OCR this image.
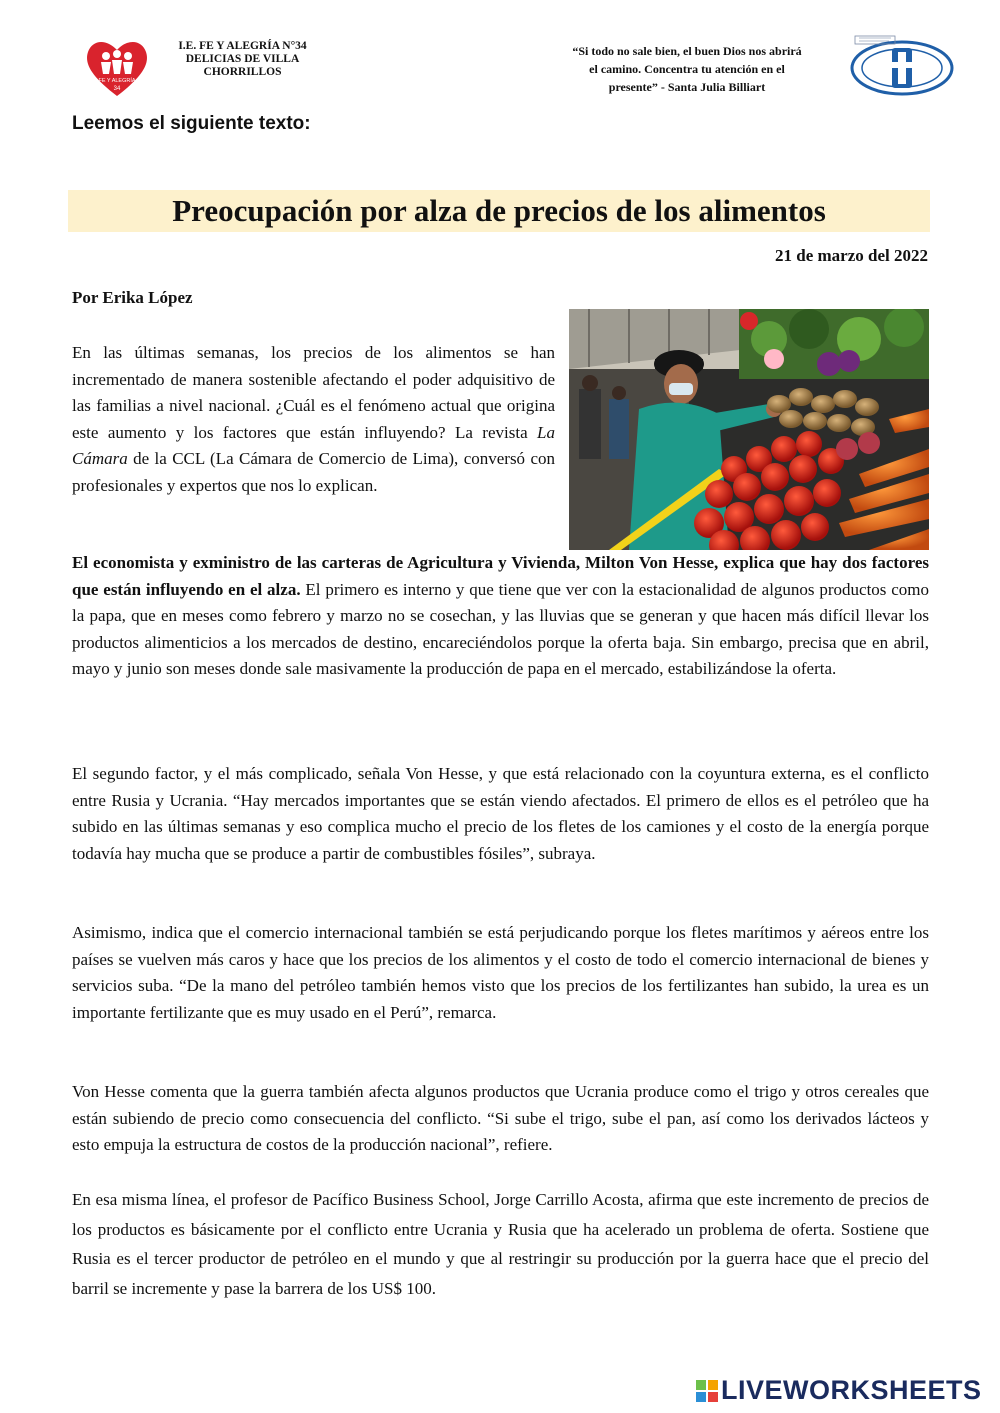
FE Y ALEGRÍA
34
I.E. FE Y ALEGRÍA N°34
DELICIAS DE VILLA
CHORRILLOS
“Si todo no sale bien, el buen Dios nos abrirá
el camino. Concentra tu atención en el
presente” - Santa Julia Billiart
Leemos el siguiente texto:
Preocupación por alza de precios de los alimentos
21 de marzo del 2022
Por Erika López

En las últimas semanas, los precios de los alimentos se han incrementado de manera sostenible afectando el poder adquisitivo de las familias a nivel nacional. ¿Cuál es el fenómeno actual que origina este aumento y los factores que están influyendo? La revista La Cámara de la CCL (La Cámara de Comercio de Lima), conversó con profesionales y expertos que nos lo explican.

El economista y exministro de las carteras de Agricultura y Vivienda, Milton Von Hesse, explica que hay dos factores que están influyendo en el alza. El primero es interno y que tiene que ver con la estacionalidad de algunos productos como la papa, que en meses como febrero y marzo no se cosechan, y las lluvias que se generan y que hacen más difícil llevar los productos alimenticios a los mercados de destino, encareciéndolos porque la oferta baja. Sin embargo, precisa que en abril, mayo y junio son meses donde sale masivamente la producción de papa en el mercado, estabilizándose la oferta.

El segundo factor, y el más complicado, señala Von Hesse, y que está relacionado con la coyuntura externa, es el conflicto entre Rusia y Ucrania. “Hay mercados importantes que se están viendo afectados. El primero de ellos es el petróleo que ha subido en las últimas semanas y eso complica mucho el precio de los fletes de los camiones y el costo de la energía porque todavía hay mucha que se produce a partir de combustibles fósiles”, subraya.

Asimismo, indica que el comercio internacional también se está perjudicando porque los fletes marítimos y aéreos entre los países se vuelven más caros y hace que los precios de los alimentos y el costo de todo el comercio internacional de bienes y servicios suba. “De la mano del petróleo también hemos visto que los precios de los fertilizantes han subido, la urea es un importante fertilizante que es muy usado en el Perú”, remarca.

Von Hesse comenta que la guerra también afecta algunos productos que Ucrania produce como el trigo y otros cereales que están subiendo de precio como consecuencia del conflicto. “Si sube el trigo, sube el pan, así como los derivados lácteos y esto empuja la estructura de costos de la producción nacional”, refiere.

En esa misma línea, el profesor de Pacífico Business School, Jorge Carrillo Acosta, afirma que este incremento de precios de los productos es básicamente por el conflicto entre Ucrania y Rusia que ha acelerado un problema de oferta. Sostiene que Rusia es el tercer productor de petróleo en el mundo y que al restringir su producción por la guerra hace que el precio del barril se incremente y pase la barrera de los US$ 100.

LIVEWORKSHEETS
